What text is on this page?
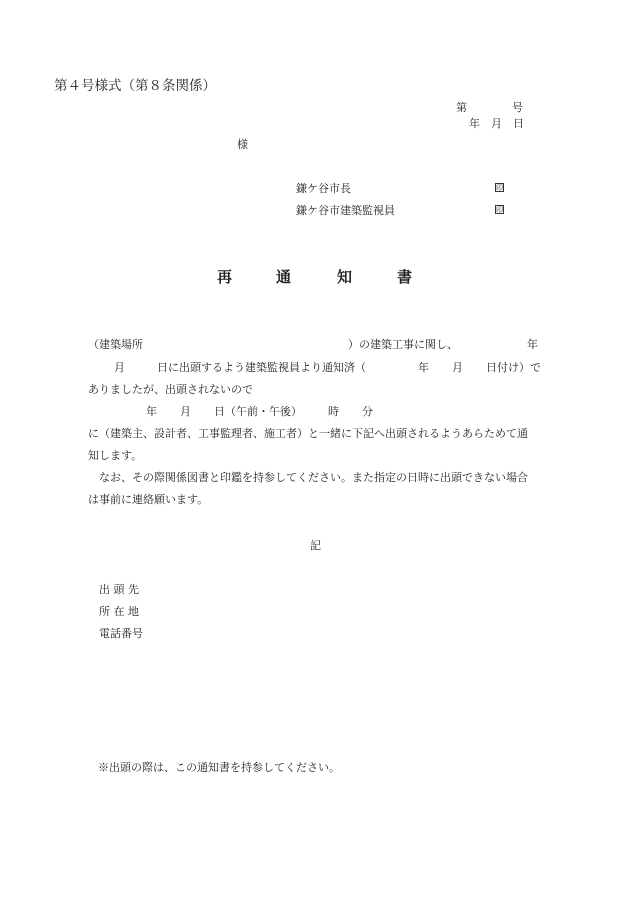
第４号様式（第８条関係）
第	号
年 月 日
様
鎌ケ谷市長	印
鎌ケ谷市建築監視員	印
再	通	知	書
（建築場所	）の建築工事に関し、	年
月	日に出頭するよう建築監視員より通知済（	年 月 日付け）で
ありましたが、出頭されないので
年 月 日（午前・午後） 時 分
に（建築主、設計者、工事監理者、施工者）と一緒に下記へ出頭されるようあらためて通
知します。
なお、その際関係図書と印鑑を持参してください。また指定の日時に出頭できない場合
は事前に連絡願います。
記
出 頭 先
所 在 地
電話番号
※出頭の際は、この通知書を持参してください。
